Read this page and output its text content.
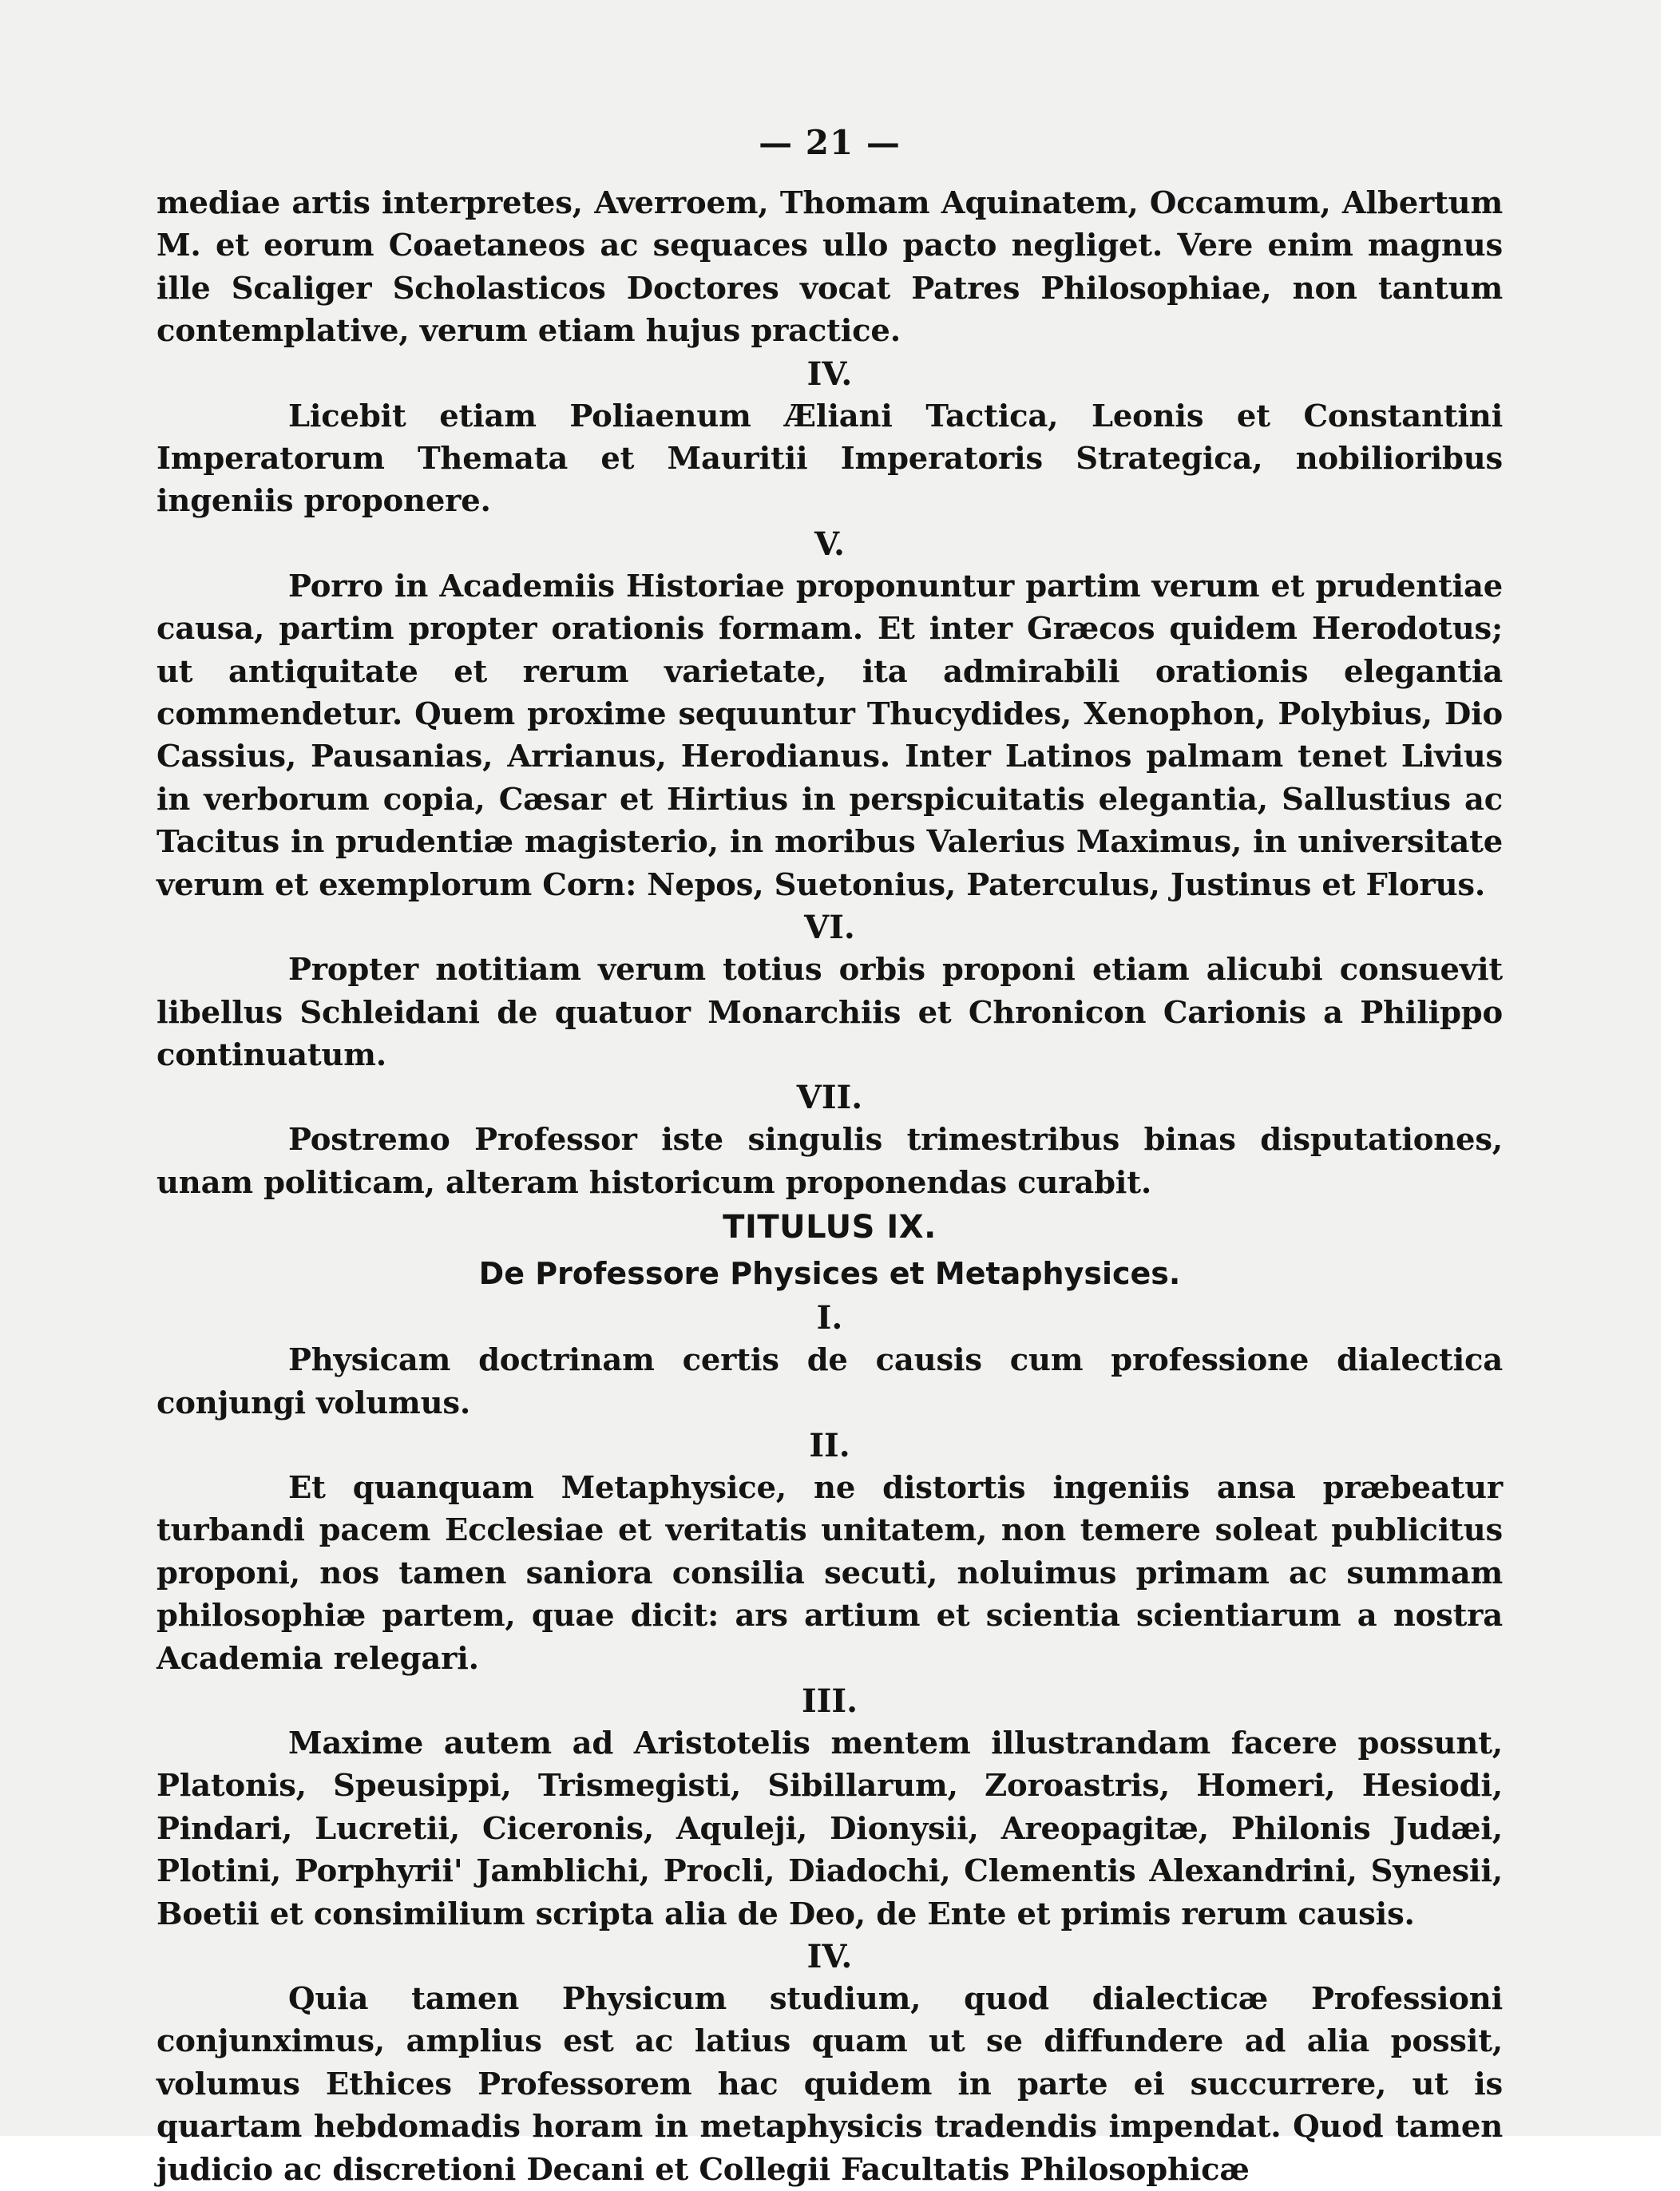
— 21 —

mediae artis interpretes, Averroem, Thomam Aquinatem, Occamum, Albertum M. et eorum Coaetaneos ac sequaces ullo pacto negliget. Vere enim magnus ille Scaliger Scholasticos Doctores vocat Patres Philosophiae, non tantum contemplative, verum etiam hujus practice.

IV.

Licebit etiam Poliaenum Æliani Tactica, Leonis et Constantini Imperatorum Themata et Mauritii Imperatoris Strategica, nobilioribus ingeniis proponere.

V.

Porro in Academiis Historiae proponuntur partim verum et prudentiae causa, partim propter orationis formam. Et inter Græcos quidem Herodotus; ut antiquitate et rerum varietate, ita admirabili orationis elegantia commendetur. Quem proxime sequuntur Thucydides, Xenophon, Polybius, Dio Cassius, Pausanias, Arrianus, Herodianus. Inter Latinos palmam tenet Livius in verborum copia, Cæsar et Hirtius in perspicuitatis elegantia, Sallustius ac Tacitus in prudentiæ magisterio, in moribus Valerius Maximus, in universitate verum et exemplorum Corn: Nepos, Suetonius, Paterculus, Justinus et Florus.

VI.

Propter notitiam verum totius orbis proponi etiam alicubi consuevit libellus Schleidani de quatuor Monarchiis et Chronicon Carionis a Philippo continuatum.

VII.

Postremo Professor iste singulis trimestribus binas disputationes, unam politicam, alteram historicum proponendas curabit.

TITULUS IX.
De Professore Physices et Metaphysices.
I.

Physicam doctrinam certis de causis cum professione dialectica conjungi volumus.

II.

Et quanquam Metaphysice, ne distortis ingeniis ansa præbeatur turbandi pacem Ecclesiae et veritatis unitatem, non temere soleat publicitus proponi, nos tamen saniora consilia secuti, noluimus primam ac summam philosophiæ partem, quae dicit: ars artium et scientia scientiarum a nostra Academia relegari.

III.

Maxime autem ad Aristotelis mentem illustrandam facere possunt, Platonis, Speusippi, Trismegisti, Sibillarum, Zoroastris, Homeri, Hesiodi, Pindari, Lucretii, Ciceronis, Aquleji, Dionysii, Areopagitæ, Philonis Judæi, Plotini, Porphyrii' Jamblichi, Procli, Diadochi, Clementis Alexandrini, Synesii, Boetii et consimilium scripta alia de Deo, de Ente et primis rerum causis.

IV.

Quia tamen Physicum studium, quod dialecticæ Professioni conjunximus, amplius est ac latius quam ut se diffundere ad alia possit, volumus Ethices Professorem hac quidem in parte ei succurrere, ut is quartam hebdomadis horam in metaphysicis tradendis impendat. Quod tamen judicio ac discretioni Decani et Collegii Facultatis Philosophicæ
